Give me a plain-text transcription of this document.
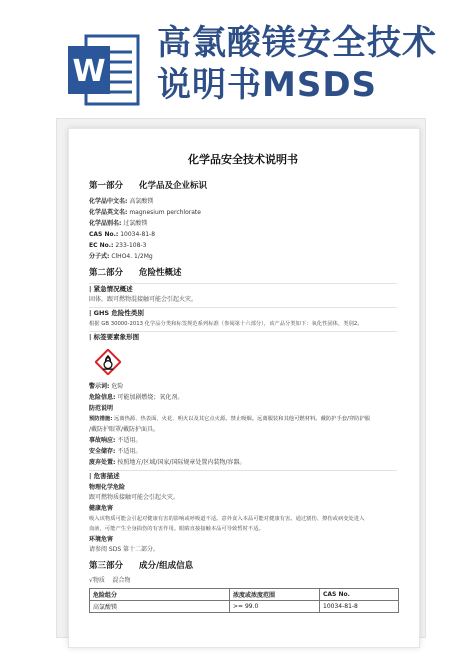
W
高氯酸镁安全技术说明书MSDS
化学品安全技术说明书
第一部分 化学品及企业标识
化学品中文名: 高氯酸镁
化学品英文名: magnesium perchlorate
化学品别名: 过氯酸镁
CAS No.: 10034-81-8
EC No.: 233-108-3
分子式: ClHO4. 1/2Mg
第二部分 危险性概述
| 紧急情况概述
固体，跟可燃物混接触可能会引起火灾。
| GHS 危险性类别
根据 GB 30000-2013 化学品分类和标签规范系列标准（参阅第十六部分），该产品分类如下：氧化性固体，类别2。
| 标签要素象形图
警示词: 危险
危险信息: 可能加剧燃烧；氧化剂。
防范说明
预防措施: 远离热源、热表面、火花、明火以及其它点火源。禁止吸烟。远离服装和其他可燃材料。戴防护手套/穿防护服
/戴防护眼罩/戴防护面具。
事故响应: 不适用。
安全储存: 不适用。
废弃处置: 按照地方/区域/国家/国际规章处置内装物/容器。
| 危害描述
物理化学危险
跟可燃物质接触可能会引起火灾。
健康危害
吸入该物质可能会引起对健康有害的影响或呼吸道不适。意外食入本品可能对健康有害。通过割伤、擦伤或病变处进入
血液，可能产生全身损伤的有害作用。眼睛直接接触本品可导致暂时不适。
环境危害
请参阅 SDS 第十二部分。
第三部分 成分/组成信息
√物质    混合物
危险组分	浓度或浓度范围	CAS No.
高氯酸镁	>= 99.0	10034-81-8
